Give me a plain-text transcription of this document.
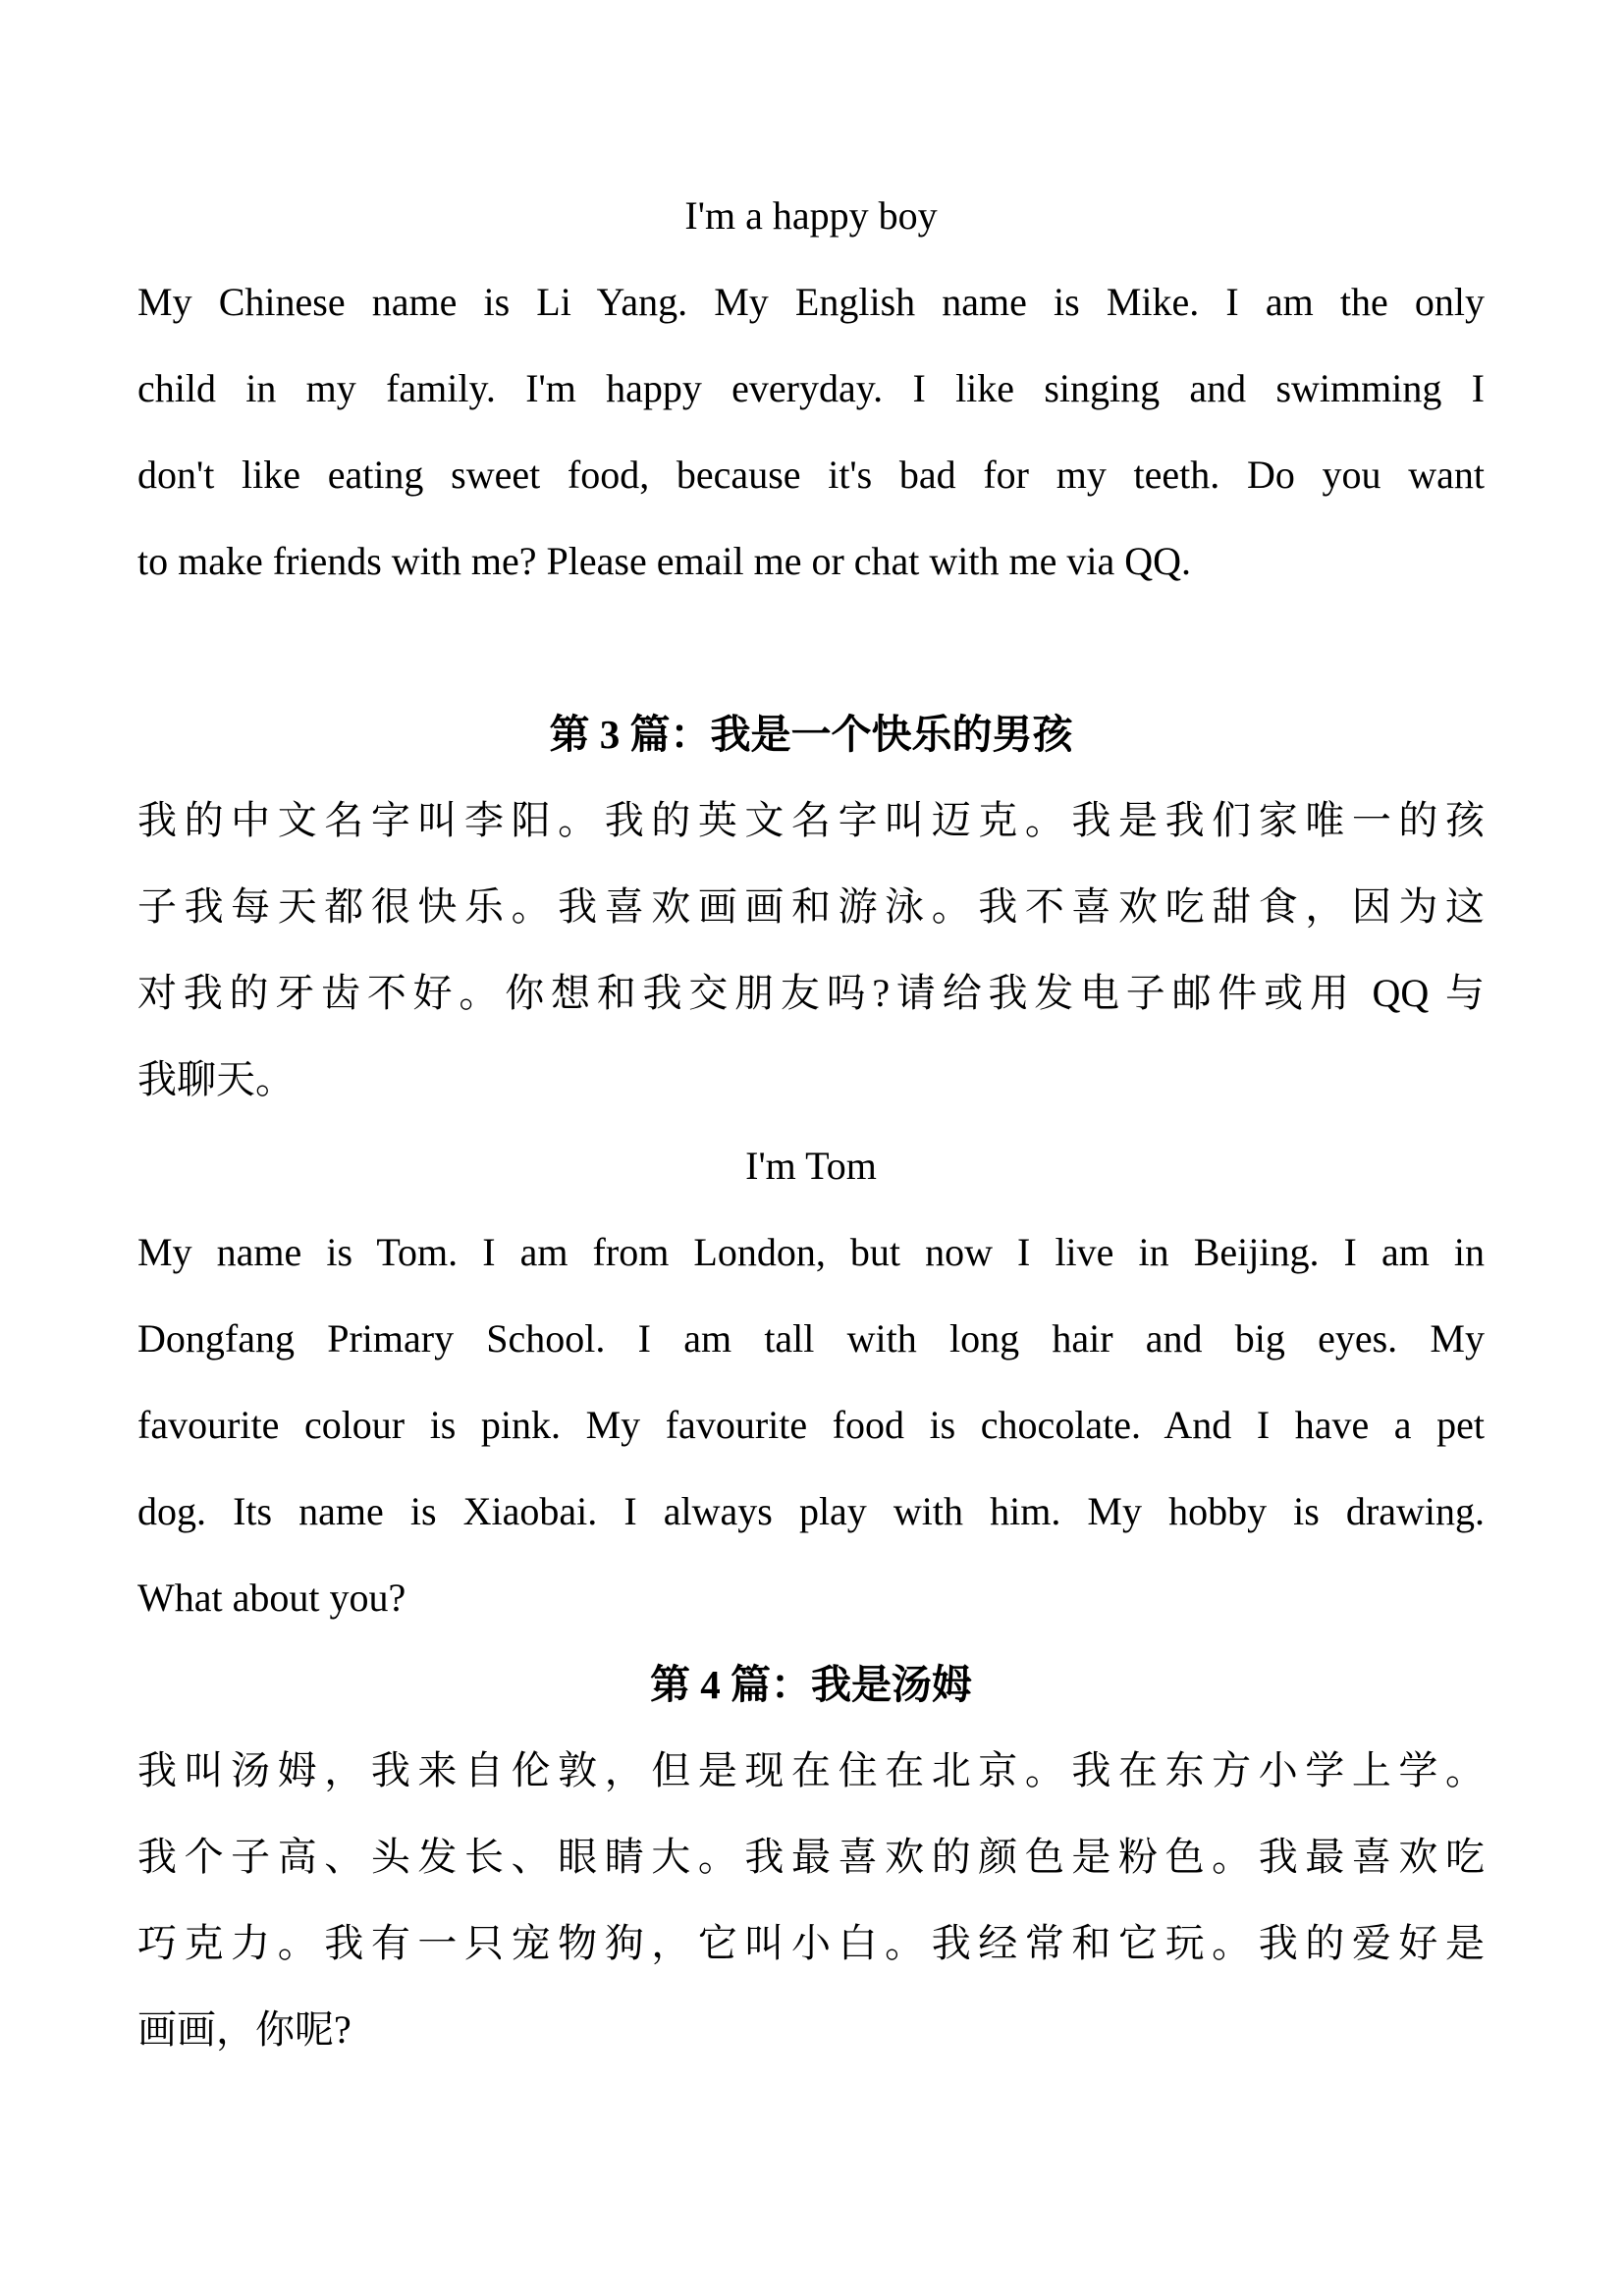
I'm a happy boy
My Chinese name is Li Yang. My English name is Mike. I am the only
child in my family. I'm happy everyday. I like singing and swimming I
don't like eating sweet food, because it's bad for my teeth. Do you want
to make friends with me? Please email me or chat with me via QQ.
第 3 篇：我是一个快乐的男孩
我的中文名字叫李阳。我的英文名字叫迈克。我是我们家唯一的孩
子我每天都很快乐。我喜欢画画和游泳。我不喜欢吃甜食，因为这
对我的牙齿不好。你想和我交朋友吗?请给我发电子邮件或用 QQ 与
我聊天。
I'm Tom
My name is Tom. I am from London, but now I live in Beijing. I am in
Dongfang Primary School. I am tall with long hair and big eyes. My
favourite colour is pink. My favourite food is chocolate. And I have a pet
dog. Its name is Xiaobai. I always play with him. My hobby is drawing.
What about you?
第 4 篇：我是汤姆
我叫汤姆，我来自伦敦，但是现在住在北京。我在东方小学上学。
我个子高、头发长、眼睛大。我最喜欢的颜色是粉色。我最喜欢吃
巧克力。我有一只宠物狗，它叫小白。我经常和它玩。我的爱好是
画画，你呢?
